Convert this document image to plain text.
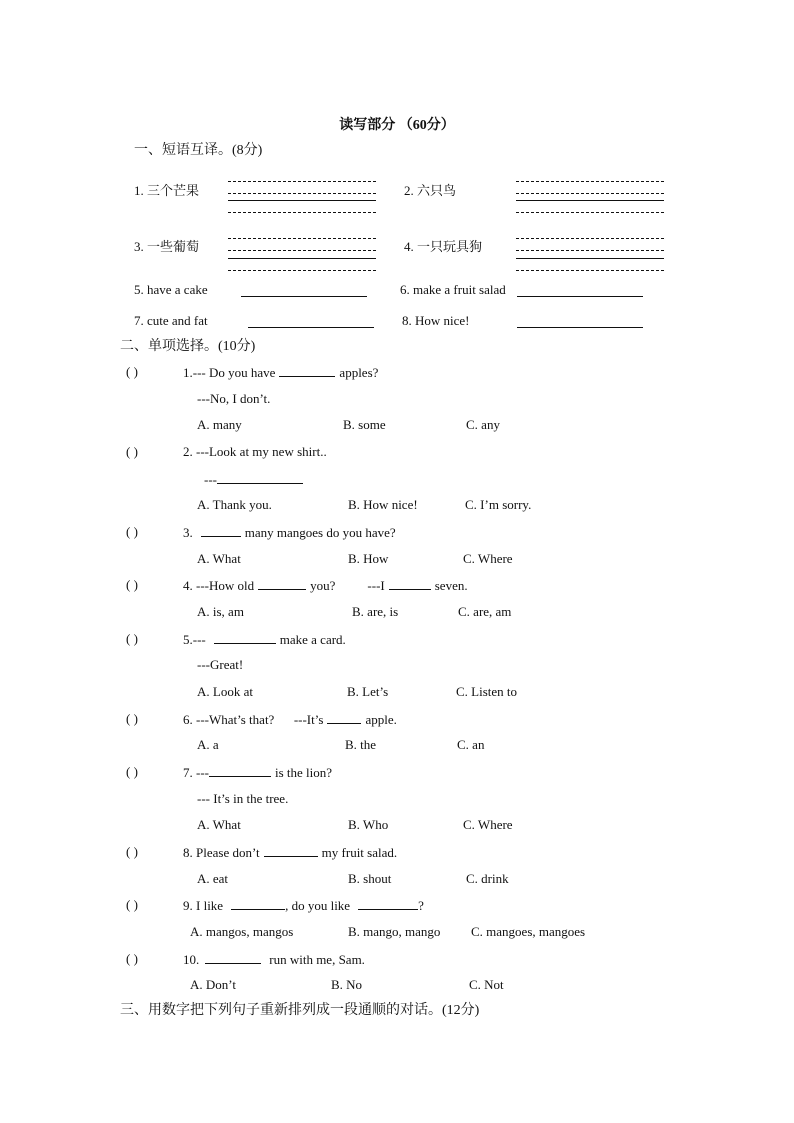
读写部分 （60分）
一、短语互译。(8分)
1. 三个芒果	2. 六只鸟
3. 一些葡萄	4. 一只玩具狗
5. have a cake	6. make a fruit salad
7. cute and fat	8. How nice!
二、单项选择。(10分)
( )	1.--- Do you have	apples?
---No, I don’t.
A. many	B. some	C. any
( )	2. ---Look at my new shirt..
---
A. Thank you.	B. How nice!	C. I’m sorry.
( )	3.	many mangoes do you have?
A. What	B. How	C. Where
( )	4. ---How old	you? ---I	seven.
A. is, am	B. are, is	C. are, am
( )	5.---	make a card.
---Great!
A. Look at	B. Let’s	C. Listen to
( )	6. ---What’s that?      ---It’s	apple.
A. a	B. the	C. an
( )	7. ---	is the lion?
--- It’s in the tree.
A. What	B. Who	C. Where
( )	8. Please don’t	my fruit salad.
A. eat	B. shout	C. drink
( )	9. I like	, do you like	?
A. mangos, mangos	B. mango, mango C. mangoes, mangoes
( )	10.	run with me, Sam.
A. Don’t	B. No	C. Not
三、用数字把下列句子重新排列成一段通顺的对话。(12分)
